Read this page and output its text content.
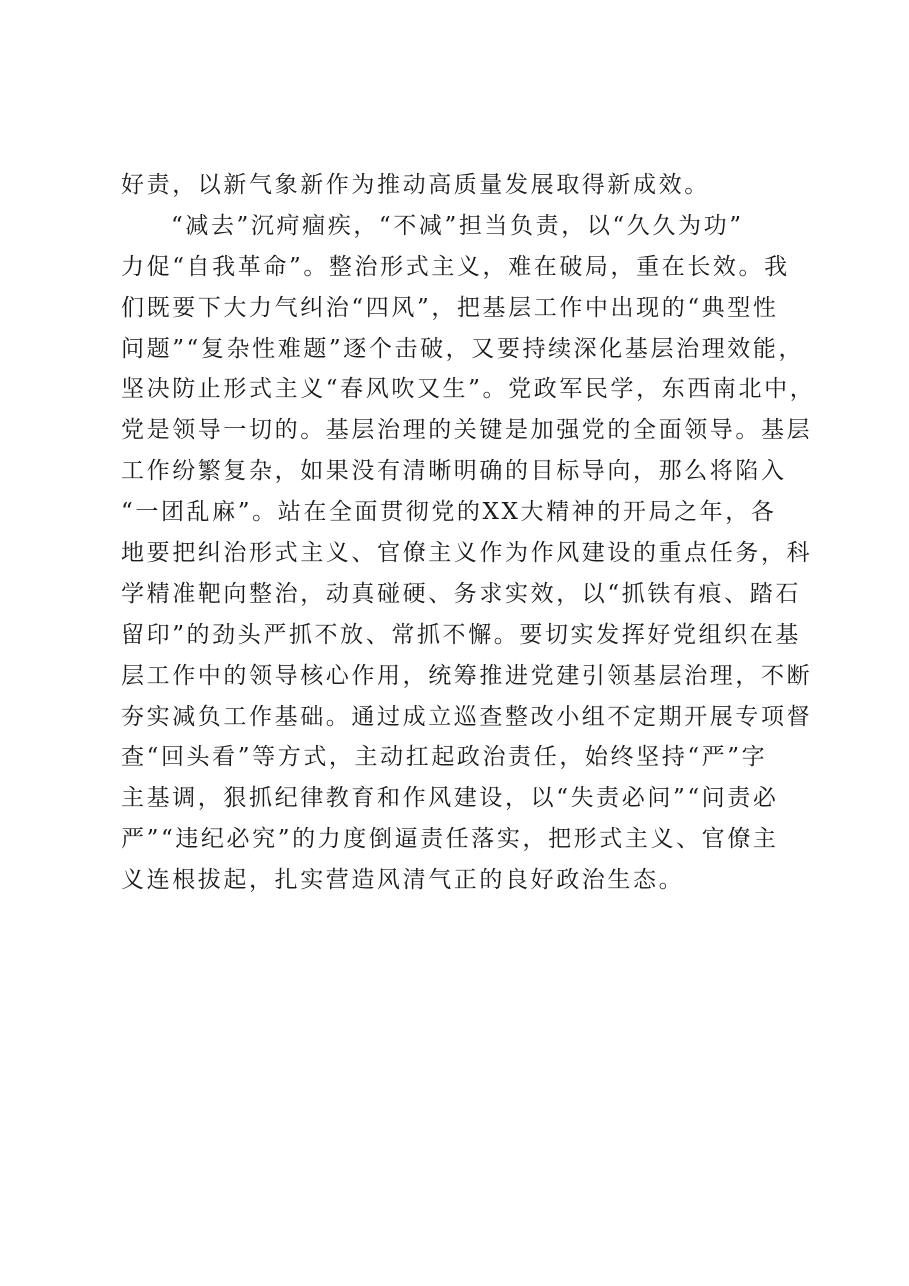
好责，以新气象新作为推动高质量发展取得新成效。
“减去”沉疴痼疾，“不减”担当负责，以“久久为功”
力促“自我革命”。整治形式主义，难在破局，重在长效。我
们既要下大力气纠治“四风”，把基层工作中出现的“典型性
问题”“复杂性难题”逐个击破，又要持续深化基层治理效能，
坚决防止形式主义“春风吹又生”。党政军民学，东西南北中，
党是领导一切的。基层治理的关键是加强党的全面领导。基层
工作纷繁复杂，如果没有清晰明确的目标导向，那么将陷入
“一团乱麻”。站在全面贯彻党的XX大精神的开局之年，各
地要把纠治形式主义、官僚主义作为作风建设的重点任务，科
学精准靶向整治，动真碰硬、务求实效，以“抓铁有痕、踏石
留印”的劲头严抓不放、常抓不懈。要切实发挥好党组织在基
层工作中的领导核心作用，统筹推进党建引领基层治理，不断
夯实减负工作基础。通过成立巡查整改小组不定期开展专项督
查“回头看”等方式，主动扛起政治责任，始终坚持“严”字
主基调，狠抓纪律教育和作风建设，以“失责必问”“问责必
严”“违纪必究”的力度倒逼责任落实，把形式主义、官僚主
义连根拔起，扎实营造风清气正的良好政治生态。
